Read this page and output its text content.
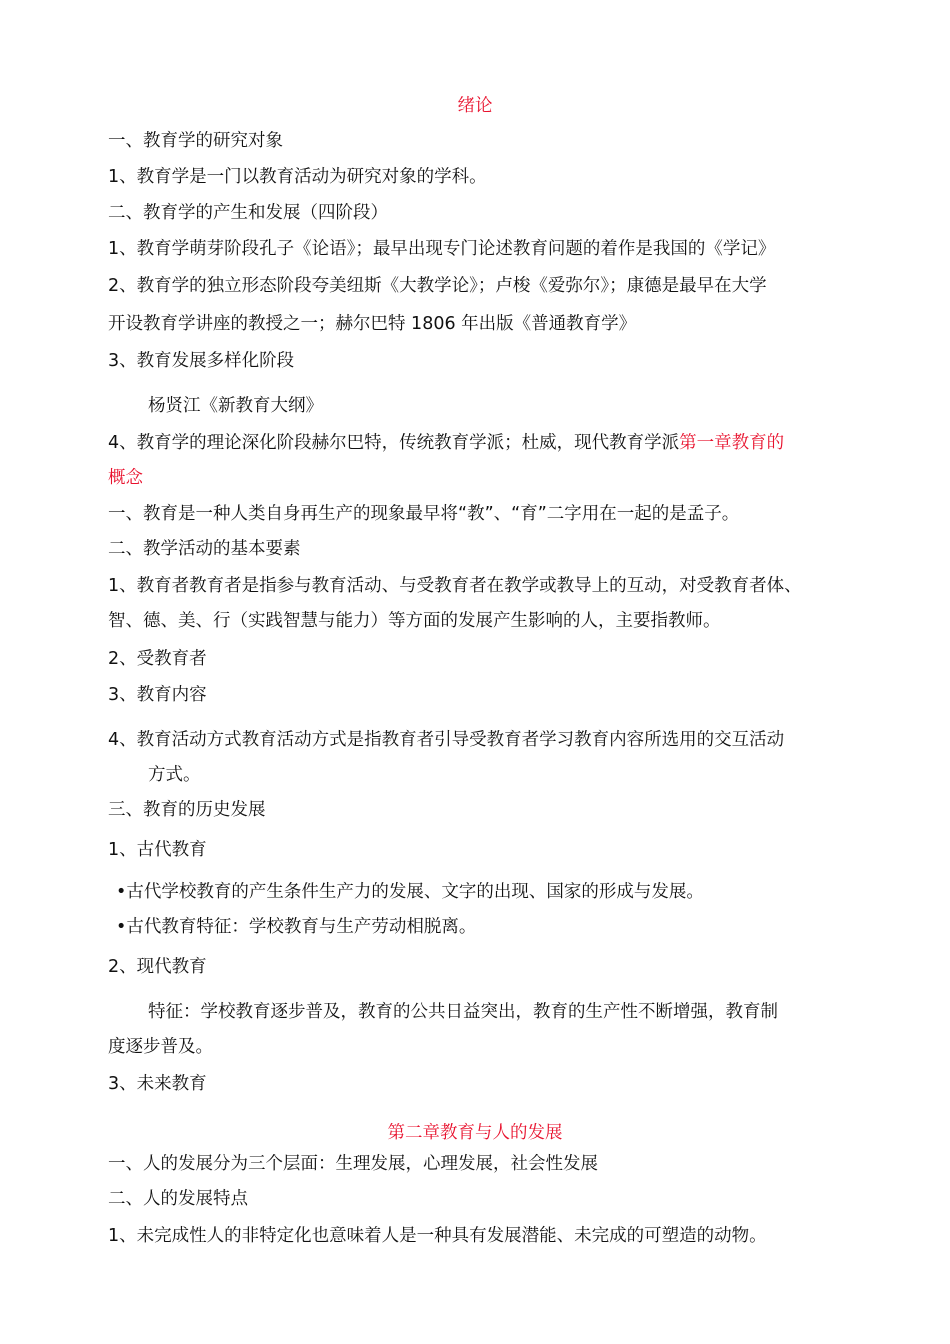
绪论
一、教育学的研究对象
1、教育学是一门以教育活动为研究对象的学科。
二、教育学的产生和发展（四阶段）
1、教育学萌芽阶段孔子《论语》；最早出现专门论述教育问题的着作是我国的《学记》
2、教育学的独立形态阶段夸美纽斯《大教学论》；卢梭《爱弥尔》；康德是最早在大学
开设教育学讲座的教授之一；赫尔巴特 1806 年出版《普通教育学》
3、教育发展多样化阶段
杨贤江《新教育大纲》
4、教育学的理论深化阶段赫尔巴特，传统教育学派；杜威，现代教育学派第一章教育的
概念
一、教育是一种人类自身再生产的现象最早将“教”、“育”二字用在一起的是孟子。
二、教学活动的基本要素
1、教育者教育者是指参与教育活动、与受教育者在教学或教导上的互动，对受教育者体、
智、德、美、行（实践智慧与能力）等方面的发展产生影响的人，主要指教师。
2、受教育者
3、教育内容
4、教育活动方式教育活动方式是指教育者引导受教育者学习教育内容所选用的交互活动
方式。
三、教育的历史发展
1、古代教育
•古代学校教育的产生条件生产力的发展、文字的出现、国家的形成与发展。
•古代教育特征：学校教育与生产劳动相脱离。
2、现代教育
特征：学校教育逐步普及，教育的公共日益突出，教育的生产性不断增强，教育制
度逐步普及。
3、未来教育
第二章教育与人的发展
一、人的发展分为三个层面：生理发展，心理发展，社会性发展
二、人的发展特点
1、未完成性人的非特定化也意味着人是一种具有发展潜能、未完成的可塑造的动物。
